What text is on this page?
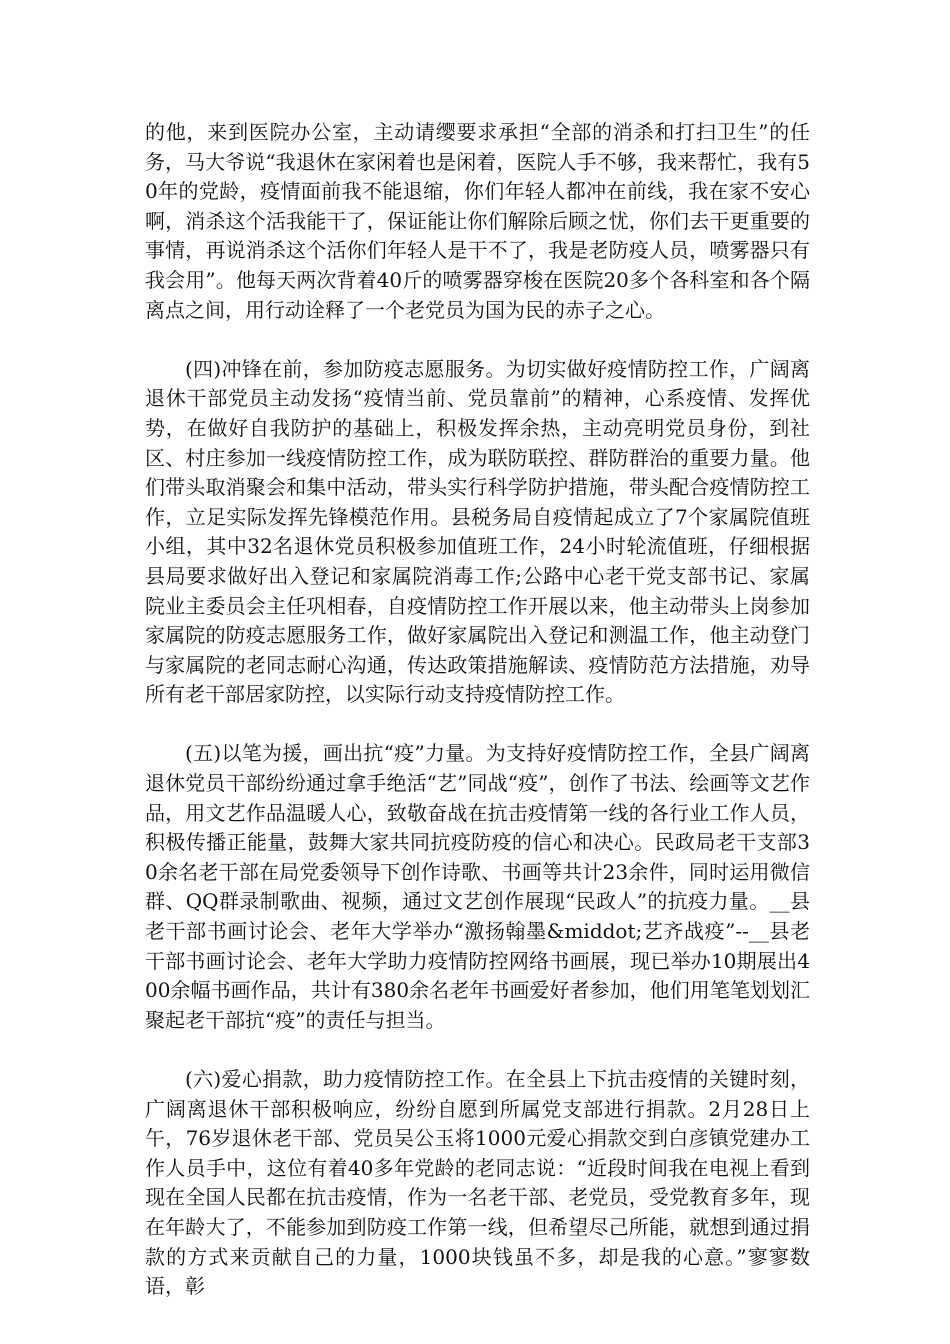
的他，来到医院办公室，主动请缨要求承担“全部的消杀和打扫卫生”的任务，马大爷说“我退休在家闲着也是闲着，医院人手不够，我来帮忙，我有50年的党龄，疫情面前我不能退缩，你们年轻人都冲在前线，我在家不安心啊，消杀这个活我能干了，保证能让你们解除后顾之忧，你们去干更重要的事情，再说消杀这个活你们年轻人是干不了，我是老防疫人员，喷雾器只有我会用”。他每天两次背着40斤的喷雾器穿梭在医院20多个各科室和各个隔离点之间，用行动诠释了一个老党员为国为民的赤子之心。

(四)冲锋在前，参加防疫志愿服务。为切实做好疫情防控工作，广阔离退休干部党员主动发扬“疫情当前、党员靠前”的精神，心系疫情、发挥优势，在做好自我防护的基础上，积极发挥余热，主动亮明党员身份，到社区、村庄参加一线疫情防控工作，成为联防联控、群防群治的重要力量。他们带头取消聚会和集中活动，带头实行科学防护措施，带头配合疫情防控工作，立足实际发挥先锋模范作用。县税务局自疫情起成立了7个家属院值班小组，其中32名退休党员积极参加值班工作，24小时轮流值班，仔细根据县局要求做好出入登记和家属院消毒工作;公路中心老干党支部书记、家属院业主委员会主任巩相春，自疫情防控工作开展以来，他主动带头上岗参加家属院的防疫志愿服务工作，做好家属院出入登记和测温工作，他主动登门与家属院的老同志耐心沟通，传达政策措施解读、疫情防范方法措施，劝导所有老干部居家防控，以实际行动支持疫情防控工作。

(五)以笔为援，画出抗“疫”力量。为支持好疫情防控工作，全县广阔离退休党员干部纷纷通过拿手绝活“艺”同战“疫”，创作了书法、绘画等文艺作品，用文艺作品温暖人心，致敬奋战在抗击疫情第一线的各行业工作人员，积极传播正能量，鼓舞大家共同抗疫防疫的信心和决心。民政局老干支部30余名老干部在局党委领导下创作诗歌、书画等共计23余件，同时运用微信群、QQ群录制歌曲、视频，通过文艺创作展现“民政人”的抗疫力量。__县老干部书画讨论会、老年大学举办“激扬翰墨&middot;艺齐战疫”--__县老干部书画讨论会、老年大学助力疫情防控网络书画展，现已举办10期展出400余幅书画作品，共计有380余名老年书画爱好者参加，他们用笔笔划划汇聚起老干部抗“疫”的责任与担当。

(六)爱心捐款，助力疫情防控工作。在全县上下抗击疫情的关键时刻，广阔离退休干部积极响应，纷纷自愿到所属党支部进行捐款。2月28日上午，76岁退休老干部、党员吴公玉将1000元爱心捐款交到白彦镇党建办工作人员手中，这位有着40多年党龄的老同志说：“近段时间我在电视上看到现在全国人民都在抗击疫情，作为一名老干部、老党员，受党教育多年，现在年龄大了，不能参加到防疫工作第一线，但希望尽己所能，就想到通过捐款的方式来贡献自己的力量，1000块钱虽不多，却是我的心意。”寥寥数语，彰
